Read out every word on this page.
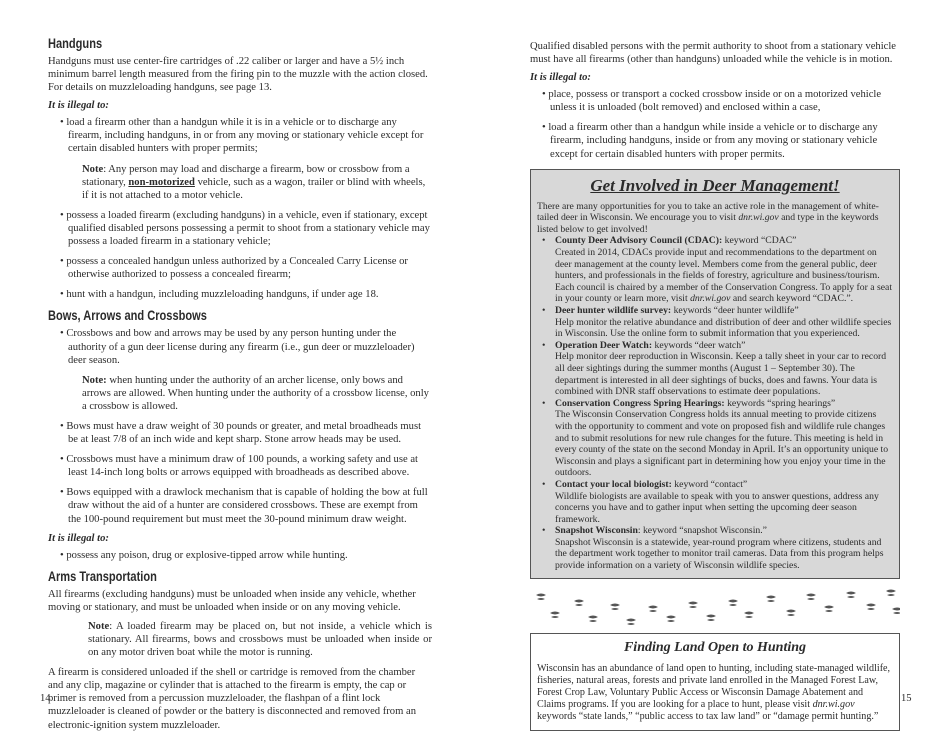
Handguns

Handguns must use center-fire cartridges of .22 caliber or larger and have a 5½ inch minimum barrel length measured from the firing pin to the muzzle with the action closed. For details on muzzleloading handguns, see page 13.

It is illegal to:

• load a firearm other than a handgun while it is in a vehicle or to discharge any firearm, including handguns, in or from any moving or stationary vehicle except for certain disabled hunters with proper permits;

Note: Any person may load and discharge a firearm, bow or crossbow from a stationary, non-motorized vehicle, such as a wagon, trailer or blind with wheels, if it is not attached to a motor vehicle.

• possess a loaded firearm (excluding handguns) in a vehicle, even if stationary, except qualified disabled persons possessing a permit to shoot from a stationary vehicle may possess a loaded firearm in a stationary vehicle;

• possess a concealed handgun unless authorized by a Concealed Carry License or otherwise authorized to possess a concealed firearm;

• hunt with a handgun, including muzzleloading handguns, if under age 18.

Bows, Arrows and Crossbows

• Crossbows and bow and arrows may be used by any person hunting under the authority of a gun deer license during any firearm (i.e., gun deer or muzzleloader) deer season.

Note: when hunting under the authority of an archer license, only bows and arrows are allowed. When hunting under the authority of a crossbow license, only a crossbow is allowed.

• Bows must have a draw weight of 30 pounds or greater, and metal broadheads must be at least 7/8 of an inch wide and kept sharp. Stone arrow heads may be used.

• Crossbows must have a minimum draw of 100 pounds, a working safety and use at least 14-inch long bolts or arrows equipped with broadheads as described above.

• Bows equipped with a drawlock mechanism that is capable of holding the bow at full draw without the aid of a hunter are considered crossbows. These are exempt from the 100-pound requirement but must meet the 30-pound minimum draw weight.

It is illegal to:

• possess any poison, drug or explosive-tipped arrow while hunting.

Arms Transportation

All firearms (excluding handguns) must be unloaded when inside any vehicle, whether moving or stationary, and must be unloaded when inside or on any moving vehicle.

Note: A loaded firearm may be placed on, but not inside, a vehicle which is stationary. All firearms, bows and crossbows must be unloaded when inside or on any motor driven boat while the motor is running.

A firearm is considered unloaded if the shell or cartridge is removed from the chamber and any clip, magazine or cylinder that is attached to the firearm is empty, the cap or primer is removed from a percussion muzzleloader, the flashpan of a flint lock muzzleloader is cleaned of powder or the battery is disconnected and removed from an electronic-ignition system muzzleloader.

14

Qualified disabled persons with the permit authority to shoot from a stationary vehicle must have all firearms (other than handguns) unloaded while the vehicle is in motion.

It is illegal to:

• place, possess or transport a cocked crossbow inside or on a motorized vehicle unless it is unloaded (bolt removed) and enclosed within a case,

• load a firearm other than a handgun while inside a vehicle or to discharge any firearm, including handguns, inside or from any moving or stationary vehicle except for certain disabled hunters with proper permits.

Get Involved in Deer Management!

There are many opportunities for you to take an active role in the management of white-tailed deer in Wisconsin. We encourage you to visit dnr.wi.gov and type in the keywords listed below to get involved!

• County Deer Advisory Council (CDAC): keyword “CDAC”
Created in 2014, CDACs provide input and recommendations to the department on deer management at the county level. Members come from the general public, deer hunters, and professionals in the fields of forestry, agriculture and business/tourism. Each council is chaired by a member of the Conservation Congress. To apply for a seat in your county or learn more, visit dnr.wi.gov and search keyword “CDAC.”.
• Deer hunter wildlife survey: keywords “deer hunter wildlife”
Help monitor the relative abundance and distribution of deer and other wildlife species in Wisconsin. Use the online form to submit information that you experienced.
• Operation Deer Watch: keywords “deer watch”
Help monitor deer reproduction in Wisconsin. Keep a tally sheet in your car to record all deer sightings during the summer months (August 1 – September 30). The department is interested in all deer sightings of bucks, does and fawns. Your data is combined with DNR staff observations to estimate deer populations.
• Conservation Congress Spring Hearings: keywords “spring hearings”
The Wisconsin Conservation Congress holds its annual meeting to provide citizens with the opportunity to comment and vote on proposed fish and wildlife rule changes and to submit resolutions for new rule changes for the future. This meeting is held in every county of the state on the second Monday in April. It’s an opportunity unique to Wisconsin and plays a significant part in determining how you enjoy your time in the outdoors.
• Contact your local biologist: keyword “contact”
Wildlife biologists are available to speak with you to answer questions, address any concerns you have and to gather input when setting the upcoming deer season framework.
• Snapshot Wisconsin: keyword “snapshot Wisconsin.”
Snapshot Wisconsin is a statewide, year-round program where citizens, students and the department work together to monitor trail cameras. Data from this program helps provide information on a variety of Wisconsin wildlife species.
Finding Land Open to Hunting

Wisconsin has an abundance of land open to hunting, including state-managed wildlife, fisheries, natural areas, forests and private land enrolled in the Managed Forest Law, Forest Crop Law, Voluntary Public Access or Wisconsin Damage Abatement and Claims programs. If you are looking for a place to hunt, please visit dnr.wi.gov keywords “state lands,” “public access to tax law land” or “damage permit hunting.”

15
